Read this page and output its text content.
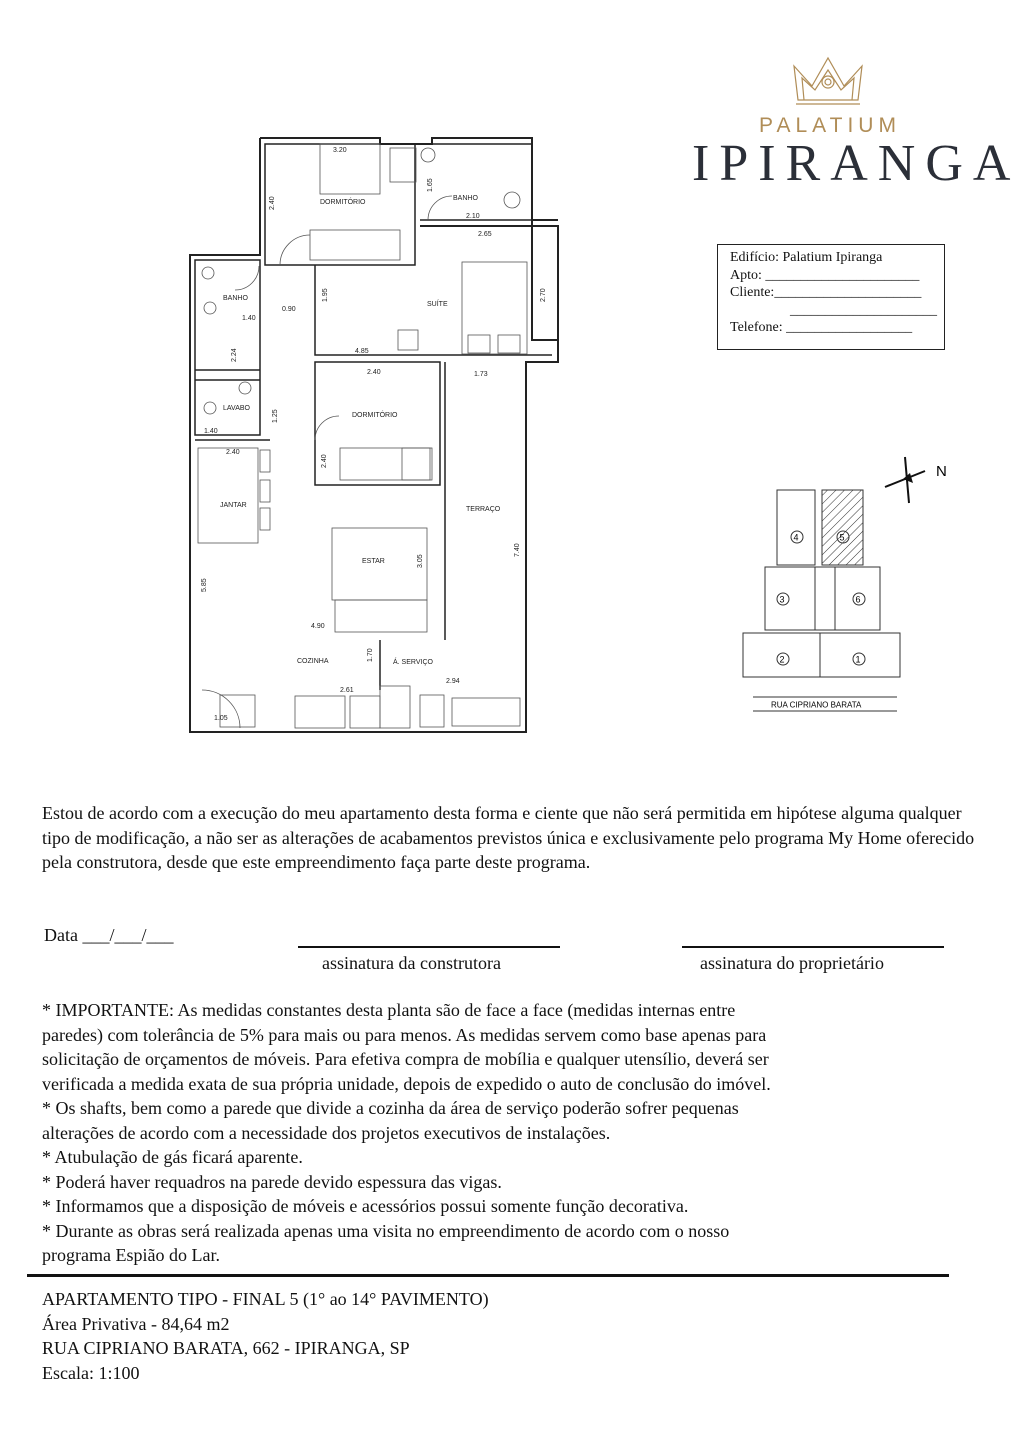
PALATIUM
IPIRANGA
Edifício: Palatium Ipiranga
Apto: ______________________
Cliente:_____________________
_____________________
Telefone: __________________
DORMITÓRIO
BANHO
BANHO
SUÍTE
LAVABO
DORMITÓRIO
JANTAR
TERRAÇO
ESTAR
COZINHA	Á. SERVIÇO
3.20
2.40
1.65
2.10
2.65
2.70
1.95
0.90
1.40
2.24	4.85
2.40	1.73
1.25
1.40
2.40
2.40
7.40
3.05
5.85
4.90
1.70
2.94
2.61
1.05
N
4	5
3	6
2	1
RUA CIPRIANO BARATA
Estou de acordo com a execução do meu apartamento desta forma e ciente que não será permitida em hipótese alguma qualquer tipo de modificação, a não ser as alterações de acabamentos previstos única e exclusivamente pelo programa My Home oferecido pela construtora, desde que este empreendimento faça parte deste programa.
Data ___/___/___
assinatura da construtora	assinatura do proprietário
* IMPORTANTE: As medidas constantes desta planta são de face a face (medidas internas entre
paredes) com tolerância de 5% para mais ou para menos. As medidas servem como base apenas para
solicitação de orçamentos de móveis. Para efetiva compra de mobília e qualquer utensílio, deverá ser
verificada a medida exata de sua própria unidade, depois de expedido o auto de conclusão do imóvel.
* Os shafts, bem como a parede que divide a cozinha da área de serviço poderão sofrer pequenas
alterações de acordo com a necessidade dos projetos executivos de instalações.
* Atubulação de gás ficará aparente.
* Poderá haver requadros na parede devido espessura das vigas.
* Informamos que a disposição de móveis e acessórios possui somente função decorativa.
* Durante as obras será realizada apenas uma visita no empreendimento de acordo com o nosso
programa Espião do Lar.
APARTAMENTO TIPO - FINAL 5 (1° ao 14° PAVIMENTO)
Área Privativa - 84,64 m2
RUA CIPRIANO BARATA, 662 - IPIRANGA, SP
Escala: 1:100
